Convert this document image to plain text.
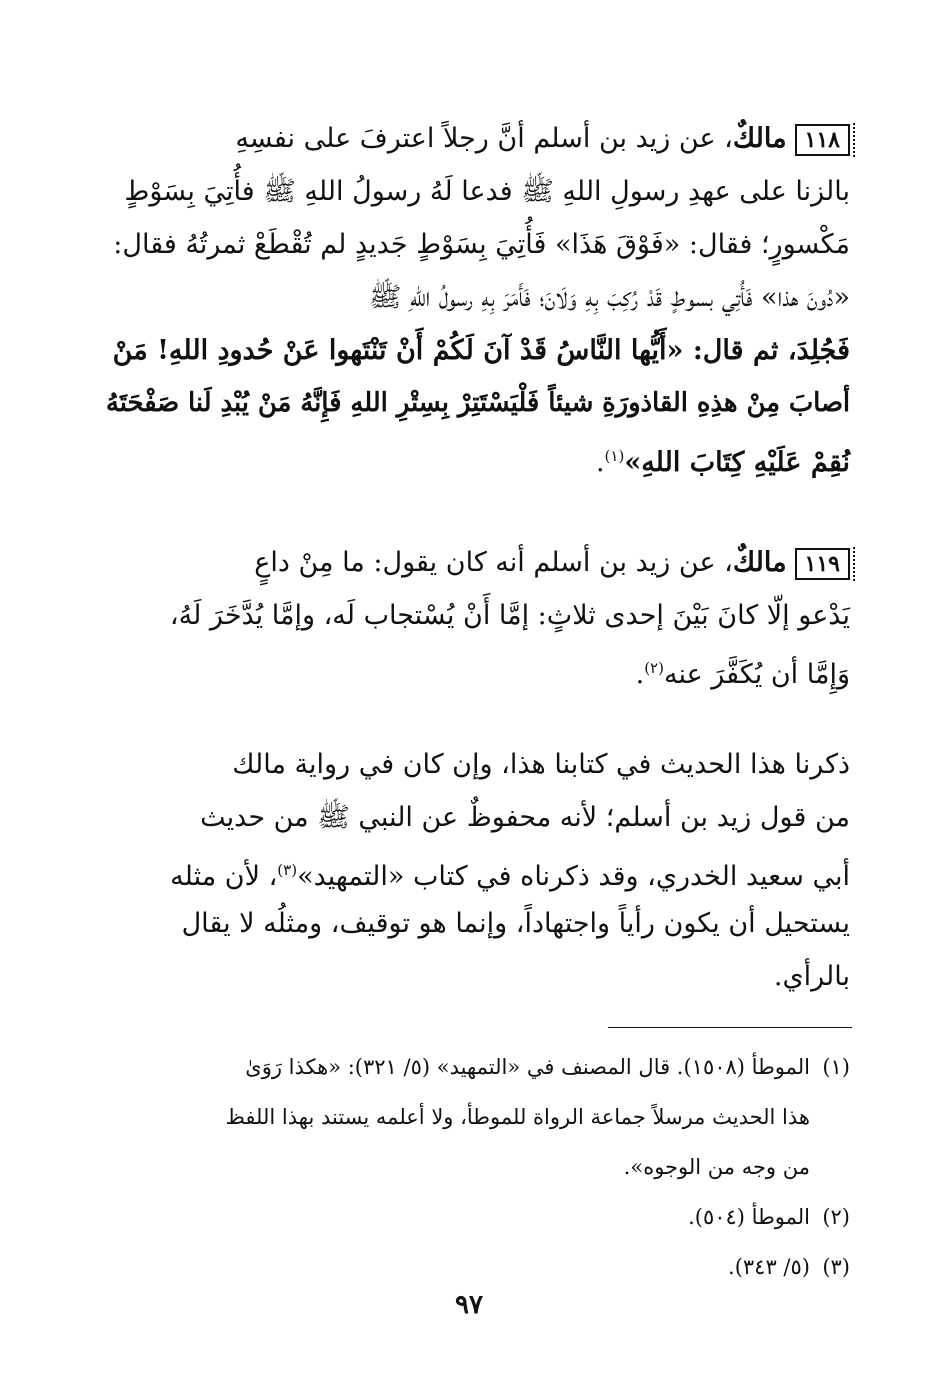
١١٨مالكٌ، عن زيد بن أسلم أنَّ رجلاً اعترفَ على نفسِهِ
بالزنا على عهدِ رسولِ اللهِ ﷺ فدعا لَهُ رسولُ اللهِ ﷺ فأُتِيَ بِسَوْطٍ
مَكْسورٍ؛ فقال: «فَوْقَ هَذَا» فَأُتِيَ بِسَوْطٍ جَديدٍ لم تُقْطَعْ ثمرتُهُ فقال:
«دُونَ هذا» فَأُتِي بسوطٍ قَدْ رُكِبَ بِهِ وَلَانَ؛ فَأَمَرَ بِهِ رسولُ اللهِ ﷺ
فَجُلِدَ، ثم قال: «أَيُّها النَّاسُ قَدْ آنَ لَكُمْ أَنْ تَنْتَهوا عَنْ حُدودِ اللهِ! مَنْ
أصابَ مِنْ هذِهِ القاذورَةِ شيئاً فَلْيَسْتَتِرْ بِسِتْرِ اللهِ فَإِنَّهُ مَنْ يُبْدِ لَنا صَفْحَتَهُ
نُقِمْ عَلَيْهِ كِتَابَ اللهِ»$^{(١)}$.
١١٩مالكٌ، عن زيد بن أسلم أنه كان يقول: ما مِنْ داعٍ
يَدْعو إلّا كانَ بَيْنَ إحدى ثلاثٍ: إمَّا أَنْ يُسْتجاب لَه، وإمَّا يُدَّخَرَ لَهُ،
وَإِمَّا أن يُكَفَّرَ عنه$^{(٢)}$.
ذكرنا هذا الحديث في كتابنا هذا، وإن كان في رواية مالك
من قول زيد بن أسلم؛ لأنه محفوظٌ عن النبي ﷺ من حديث
أبي سعيد الخدري، وقد ذكرناه في كتاب «التمهيد»$^{(٣)}$، لأن مثله
يستحيل أن يكون رأياً واجتهاداً، وإنما هو توقيف، ومثلُه لا يقال
بالرأي.
(١)الموطأ (١٥٠٨). قال المصنف في «التمهيد» (٥/ ٣٢١): «هكذا رَوَىٰ
هذا الحديث مرسلاً جماعة الرواة للموطأ، ولا أعلمه يستند بهذا اللفظ
من وجه من الوجوه».
(٢)الموطأ (٥٠٤).
(٣)(٥/ ٣٤٣).
٩٧
